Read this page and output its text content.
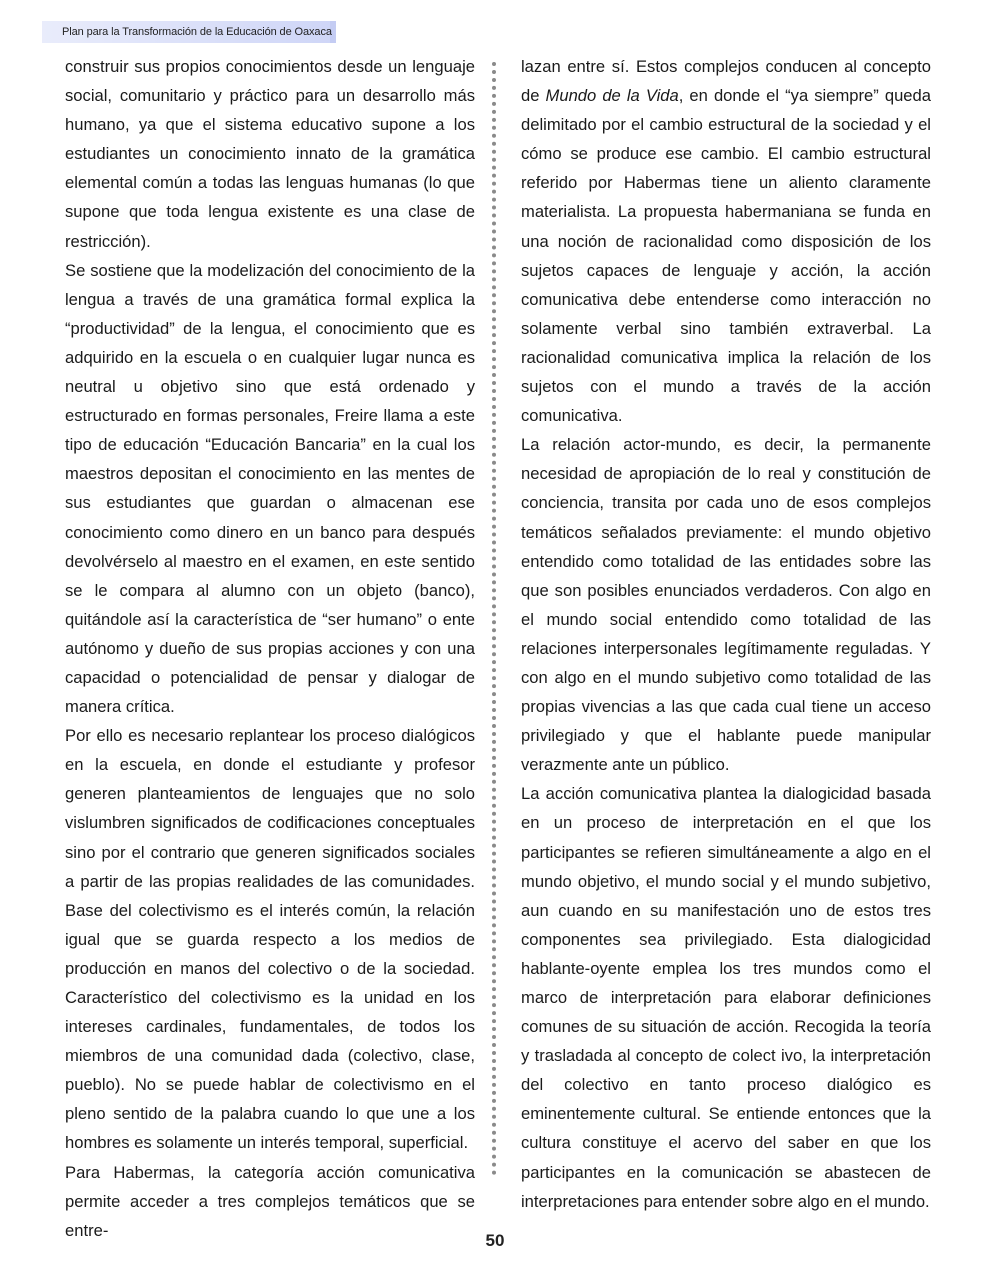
Plan para la Transformación de la Educación de Oaxaca

construir sus propios conocimientos desde un lenguaje social, comunitario y práctico para un desarrollo más humano, ya que el sistema educativo supone a los estudiantes un conocimiento innato de la gramática elemental común a todas las lenguas humanas (lo que supone que toda lengua existente es una clase de restricción).

Se sostiene que la modelización del conocimiento de la lengua a través de una gramática formal explica la “productividad” de la lengua, el conocimiento que es adquirido en la escuela o en cualquier lugar nunca es neutral u objetivo sino que está ordenado y estructurado en formas personales, Freire llama a este tipo de educación “Educación Bancaria” en la cual los maestros depositan el conocimiento en las mentes de sus estudiantes que guardan o almacenan ese conocimiento como dinero en un banco para después devolvérselo al maestro en el examen, en este sentido se le compara al alumno con un objeto (banco), quitándole así la característica de “ser humano” o ente autónomo y dueño de sus propias acciones y con una capacidad o potencialidad de pensar y dialogar de manera crítica.

Por ello es necesario replantear los proceso dialógicos en la escuela, en donde el estudiante y profesor generen planteamientos de lenguajes que no solo vislumbren significados de codificaciones conceptuales sino por el contrario que generen significados sociales a partir de las propias realidades de las comunidades. Base del colectivismo es el interés común, la relación igual que se guarda respecto a los medios de producción en manos del colectivo o de la sociedad. Característico del colectivismo es la unidad en los intereses cardinales, fundamentales, de todos los miembros de una comunidad dada (colectivo, clase, pueblo). No se puede hablar de colectivismo en el pleno sentido de la palabra cuando lo que une a los hombres es solamente un interés temporal, superficial.

Para Habermas, la categoría acción comunicativa permite acceder a tres complejos temáticos que se entre-

lazan entre sí. Estos complejos conducen al concepto de Mundo de la Vida, en donde el “ya siempre” queda delimitado por el cambio estructural de la sociedad y el cómo se produce ese cambio. El cambio estructural referido por Habermas tiene un aliento claramente materialista. La propuesta habermaniana se funda en una noción de racionalidad como disposición de los sujetos capaces de lenguaje y acción, la acción comunicativa debe entenderse como interacción no solamente verbal sino también extraverbal. La racionalidad comunicativa implica la relación de los sujetos con el mundo a través de la acción comunicativa.

La relación actor-mundo, es decir, la permanente necesidad de apropiación de lo real y constitución de conciencia, transita por cada uno de esos complejos temáticos señalados previamente: el mundo objetivo entendido como totalidad de las entidades sobre las que son posibles enunciados verdaderos. Con algo en el mundo social entendido como totalidad de las relaciones interpersonales legítimamente reguladas. Y con algo en el mundo subjetivo como totalidad de las propias vivencias a las que cada cual tiene un acceso privilegiado y que el hablante puede manipular verazmente ante un público.

La acción comunicativa plantea la dialogicidad basada en un proceso de interpretación en el que los participantes se refieren simultáneamente a algo en el mundo objetivo, el mundo social y el mundo subjetivo, aun cuando en su manifestación uno de estos tres componentes sea privilegiado. Esta dialogicidad hablante-oyente emplea los tres mundos como el marco de interpretación para elaborar definiciones comunes de su situación de acción. Recogida la teoría y trasladada al concepto de colect ivo, la interpretación del colectivo en tanto proceso dialógico es eminentemente cultural. Se entiende entonces que la cultura constituye el acervo del saber en que los participantes en la comunicación se abastecen de interpretaciones para entender sobre algo en el mundo.

50
